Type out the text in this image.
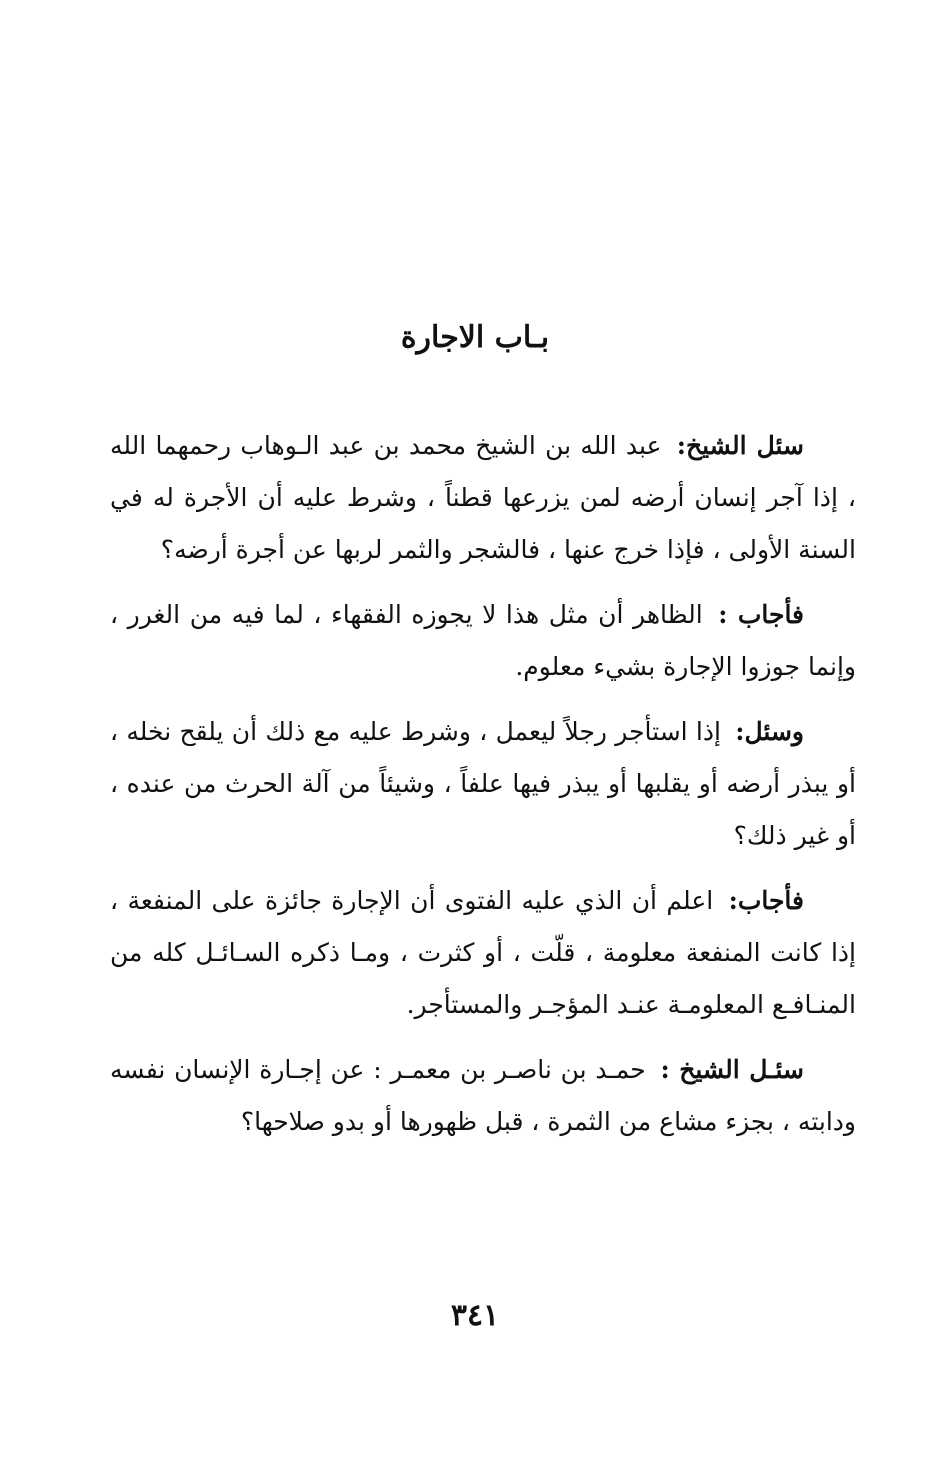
بـاب الاجارة

سئل الشيخ: عبد الله بن الشيخ محمد بن عبد الـوهاب رحمهما الله ، إذا آجر إنسان أرضه لمن يزرعها قطناً ، وشرط عليه أن الأجرة له في السنة الأولى ، فإذا خرج عنها ، فالشجر والثمر لربها عن أجرة أرضه؟

فأجاب : الظاهر أن مثل هذا لا يجوزه الفقهاء ، لما فيه من الغرر ، وإنما جوزوا الإجارة بشيء معلوم.

وسئل: إذا استأجر رجلاً ليعمل ، وشرط عليه مع ذلك أن يلقح نخله ، أو يبذر أرضه أو يقلبها أو يبذر فيها علفاً ، وشيئاً من آلة الحرث من عنده ، أو غير ذلك؟

فأجاب: اعلم أن الذي عليه الفتوى أن الإجارة جائزة على المنفعة ، إذا كانت المنفعة معلومة ، قلّت ، أو كثرت ، ومـا ذكره السـائـل كله من المنـافـع المعلومـة عنـد المؤجـر والمستأجر.

سئـل الشيخ : حمـد بن ناصـر بن معمـر : عن إجـارة الإنسان نفسه ودابته ، بجزء مشاع من الثمرة ، قبل ظهورها أو بدو صلاحها؟

٣٤١
